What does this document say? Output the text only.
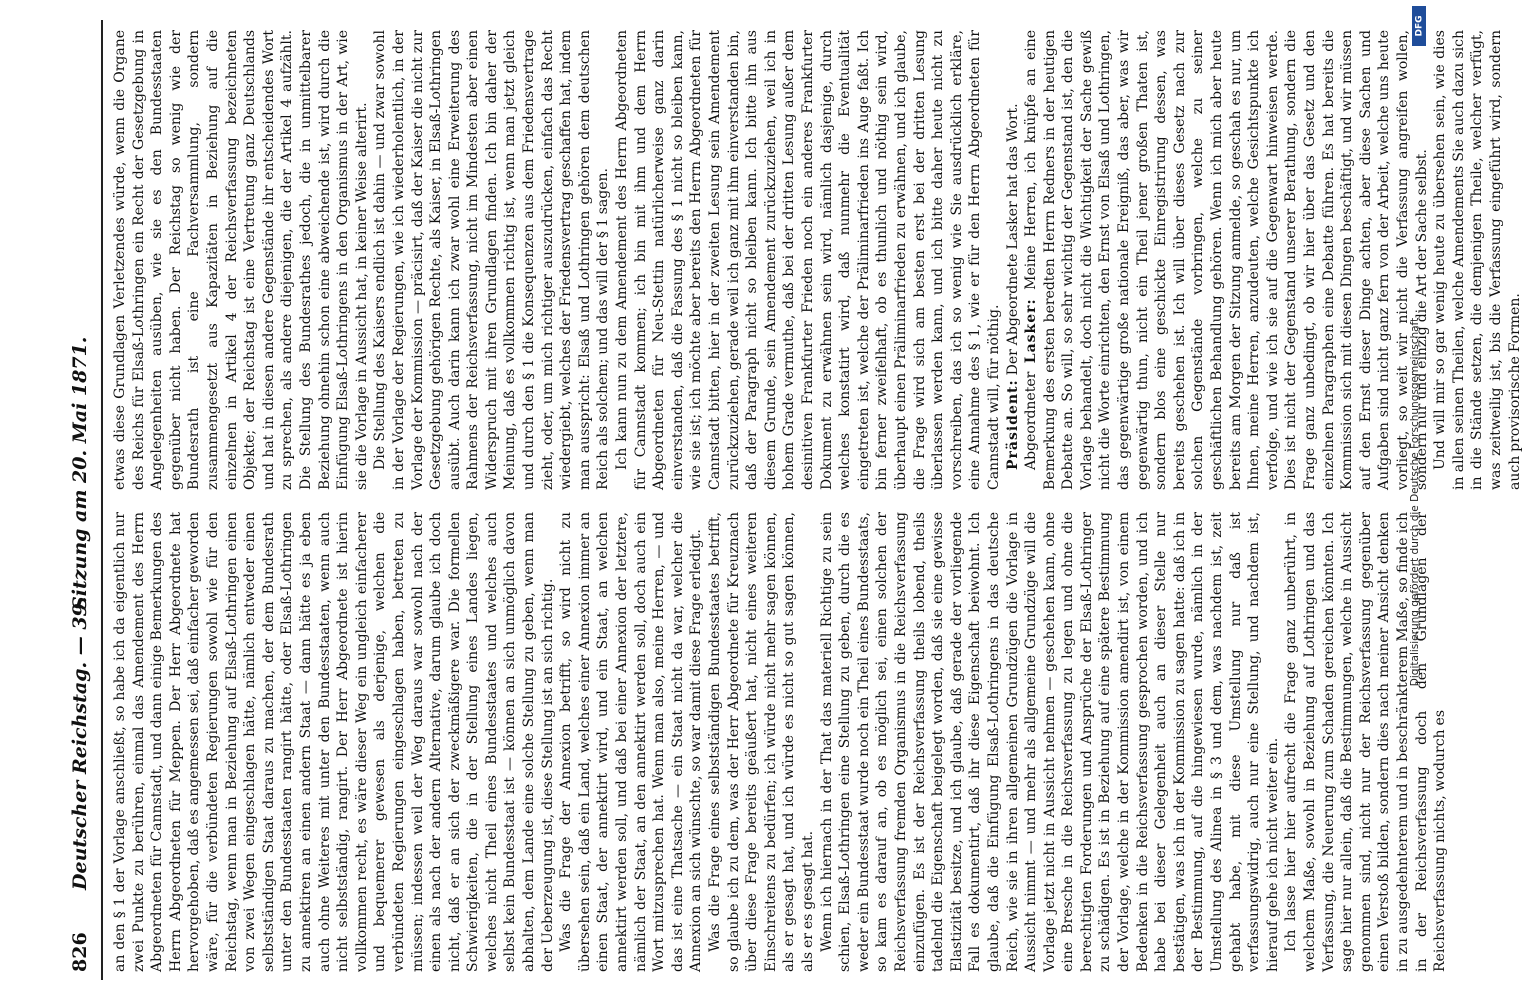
826
Deutscher Reichstag. — 39.
Sitzung am 20. Mai 1871.

an den § 1 der Vorlage anschließt, so habe ich da eigentlich nur zwei Punkte zu berühren, einmal das Amendement des Herrn Abgeordneten für Cannstadt, und dann einige Bemerkungen des Herrn Abgeordneten für Meppen. Der Herr Abgeordnete hat hervorgehoben, daß es angemessen sei, daß einfacher geworden wäre, für die verbündeten Regierungen sowohl wie für den Reichstag, wenn man in Beziehung auf Elsaß-Lothringen einen von zwei Wegen eingeschlagen hätte, nämlich entweder einen selbstständigen Staat daraus zu machen, der dem Bundesrath unter den Bundesstaaten rangirt hätte, oder Elsaß-Lothringen zu annektiren an einen andern Staat — dann hätte es ja eben auch ohne Weiteres mit unter den Bundesstaaten, wenn auch nicht selbstständig, rangirt. Der Herr Abgeordnete ist hierin vollkommen recht, es wäre dieser Weg ein ungleich einfacherer und bequemerer gewesen als derjenige, welchen die verbündeten Regierungen eingeschlagen haben, betreten zu müssen; indessen weil der Weg daraus war sowohl nach der einen als nach der andern Alternative, darum glaube ich doch nicht, daß er an sich der zweckmäßigere war. Die formellen Schwierigkeiten, die in der Stellung eines Landes liegen, welches nicht Theil eines Bundesstaates und welches auch selbst kein Bundesstaat ist — können an sich unmöglich davon abhalten, dem Lande eine solche Stellung zu geben, wenn man der Ueberzeugung ist, diese Stellung ist an sich richtig. Was die Frage der Annexion betrifft, so wird nicht zu übersehen sein, daß ein Land, welches einer Annexion immer an einen Staat, der annektirt wird, und ein Staat, an welchen annektirt werden soll, und daß bei einer Annexion der letztere, nämlich der Staat, an den annektirt werden soll, doch auch ein Wort mitzusprechen hat. Wenn man also, meine Herren, — und das ist eine Thatsache — ein Staat nicht da war, welcher die Annexion an sich wünschte, so war damit diese Frage erledigt. Was die Frage eines selbstständigen Bundesstaates betrifft, so glaube ich zu dem, was der Herr Abgeordnete für Kreuznach über diese Frage bereits geäußert hat, nicht eines weiteren Einschreitens zu bedürfen; ich würde nicht mehr sagen können, als er gesagt hat, und ich würde es nicht so gut sagen können, als er es gesagt hat. Wenn ich hiernach in der That das materiell Richtige zu sein schien, Elsaß-Lothringen eine Stellung zu geben, durch die es weder ein Bundesstaat wurde noch ein Theil eines Bundesstaats, so kam es darauf an, ob es möglich sei, einen solchen der Reichsverfassung fremden Organismus in die Reichsverfassung einzufügen. Es ist der Reichsverfassung theils lobend, theils tadelnd die Eigenschaft beigelegt worden, daß sie eine gewisse Elastizität besitze, und ich glaube, daß gerade der vorliegende Fall es dokumentirt, daß ihr diese Eigenschaft beiwohnt. Ich glaube, daß die Einfügung Elsaß-Lothringens in das deutsche Reich, wie sie in ihren allgemeinen Grundzügen die Vorlage in Aussicht nimmt — und mehr als allgemeine Grundzüge will die Vorlage jetzt nicht in Aussicht nehmen — geschehen kann, ohne eine Bresche in die Reichsverfassung zu legen und ohne die berechtigten Forderungen und Ansprüche der Elsaß-Lothringer zu schädigen. Es ist in Beziehung auf eine spätere Bestimmung der Vorlage, welche in der Kommission amendirt ist, von einem Bedenken in die Reichsverfassung gesprochen worden, und ich habe bei dieser Gelegenheit auch an dieser Stelle nur bestätigen, was ich in der Kommission zu sagen hatte: daß ich in der Bestimmung, auf die hingewiesen wurde, nämlich in der Umstellung des Alinea in § 3 und dem, was nachdem ist, zeit gehabt habe, mit diese Umstellung nur daß ist verfassungswidrig, auch nur eine Stellung, und nachdem ist, hierauf gehe ich nicht weiter ein. Ich lasse hier hier aufrecht die Frage ganz unberührt, in welchem Maße, sowohl in Beziehung auf Lothringen und das Verfassung, die Neuerung zum Schaden gereichen könnten. Ich sage hier nur allein, daß die Bestimmungen, welche in Aussicht genommen sind, nicht nur der Reichsverfassung gegenüber einen Verstoß bilden, sondern dies nach meiner Ansicht denken in zu ausgedehnterem und in beschränkterem Maße, so finde ich in der Reichsverfassung doch den Grundlagen der Reichsverfassung nichts, wodurch es

etwas diese Grundlagen Verletzendes würde, wenn die Organe des Reichs für Elsaß-Lothringen ein Recht der Gesetzgebung in Angelegenheiten ausüben, wie sie es den Bundesstaaten gegenüber nicht haben. Der Reichstag so wenig wie der Bundesrath ist eine Fachversammlung, sondern zusammengesetzt aus Kapazitäten in Beziehung auf die einzelnen in Artikel 4 der Reichsverfassung bezeichneten Objekte; der Reichstag ist eine Vertretung ganz Deutschlands und hat in diesen andere Gegenstände ihr entscheidendes Wort zu sprechen, als andere diejenigen, die der Artikel 4 aufzählt. Die Stellung des Bundesrathes jedoch, die in unmittelbarer Beziehung ohnehin schon eine abweichende ist, wird durch die Einfügung Elsaß-Lothringens in den Organismus in der Art, wie sie die Vorlage in Aussicht hat, in keiner Weise alterirt. Die Stellung des Kaisers endlich ist dahin — und zwar sowohl in der Vorlage der Regierungen, wie ich wiederholentlich, in der Vorlage der Kommission — präcisirt, daß der Kaiser die nicht zur Gesetzgebung gehörigen Rechte, als Kaiser, in Elsaß-Lothringen ausübt. Auch darin kann ich zwar wohl eine Erweiterung des Rahmens der Reichsverfassung, nicht im Mindesten aber einen Widerspruch mit ihren Grundlagen finden. Ich bin daher der Meinung, daß es vollkommen richtig ist, wenn man jetzt gleich und durch den § 1 die Konsequenzen aus dem Friedensvertrage zieht, oder, um mich richtiger auszudrücken, einfach das Recht wiedergiebt, welches der Friedensvertrag geschaffen hat, indem man ausspricht: Elsaß und Lothringen gehören dem deutschen Reich als solchem; und das will der § 1 sagen. Ich kann nun zu dem Amendement des Herrn Abgeordneten für Cannstadt kommen; ich bin mit ihm und dem Herrn Abgeordneten für Neu-Stettin natürlicherweise ganz darin einverstanden, daß die Fassung des § 1 nicht so bleiben kann, wie sie ist; ich möchte aber bereits den Herrn Abgeordneten für Cannstadt bitten, hier in der zweiten Lesung sein Amendement zurückzuziehen, gerade weil ich ganz mit ihm einverstanden bin, daß der Paragraph nicht so bleiben kann. Ich bitte ihn aus diesem Grunde, sein Amendement zurückzuziehen, weil ich in hohem Grade vermuthe, daß bei der dritten Lesung außer dem desinitiven Frankfurter Frieden noch ein anderes Frankfurter Dokument zu erwähnen sein wird, nämlich dasjenige, durch welches konstatirt wird, daß nunmehr die Eventualität eingetreten ist, welche der Präliminarfrieden ins Auge faßt. Ich bin ferner zweifelhaft, ob es thunlich und nöthig sein wird, überhaupt einen Präliminarfrieden zu erwähnen, und ich glaube, die Frage wird sich am besten erst bei der dritten Lesung überlassen werden kann, und ich bitte daher heute nicht zu vorschreiben, das ich so wenig wie Sie ausdrücklich erkläre, eine Annahme des § 1, wie er für den Herrn Abgeordneten für Cannstadt will, für nöthig. Präsident: Der Abgeordnete Lasker hat das Wort.

Abgeordneter Lasker: Meine Herren, ich knüpfe an eine Bemerkung des ersten beredten Herrn Redners in der heutigen Debatte an. So will, so sehr wichtig der Gegenstand ist, den die Vorlage behandelt, doch nicht die Wichtigkeit der Sache gewiß nicht die Worte einrichten, den Ernst von Elsaß und Lothringen, das gegenwärtige große nationale Ereigniß, das aber, was wir gegenwärtig thun, nicht ein Theil jener großen Thaten ist, sondern blos eine geschickte Einregistrirung dessen, was bereits geschehen ist. Ich will über dieses Gesetz nach zur solchen Gegenstände vorbringen, welche zu seiner geschäftlichen Behandlung gehören. Wenn ich mich aber heute bereits am Morgen der Sitzung anmelde, so geschah es nur, um Ihnen, meine Herren, anzudeuten, welche Gesichtspunkte ich verfolge, und wie ich sie auf die Gegenwart hinweisen werde. Dies ist nicht der Gegenstand unserer Berathung, sondern die Frage ganz unbedingt, ob wir hier über das Gesetz und den einzelnen Paragraphen eine Debatte führen. Es hat bereits die Kommission sich mit diesen Dingen beschäftigt, und wir müssen auf den Ernst dieser Dinge achten, aber diese Sachen und Aufgaben sind nicht ganz fern von der Arbeit, welche uns heute vorliegt, so weit wir nicht die Verfassung angreifen wollen, sondern nur und einzig die Art der Sache selbst. Und will mir so gar wenig heute zu übersehen sein, wie dies in allen seinen Theilen, welche Amendements Sie auch dazu sich in die Stände setzen, die demjenigen Theile, welcher verfügt, was zeitweilig ist, bis die Verfassung eingeführt wird, sondern auch provisorische Formen.

Digitalisierung gefördert durch die Deutsche Forschungsgemeinschaft
DFG
